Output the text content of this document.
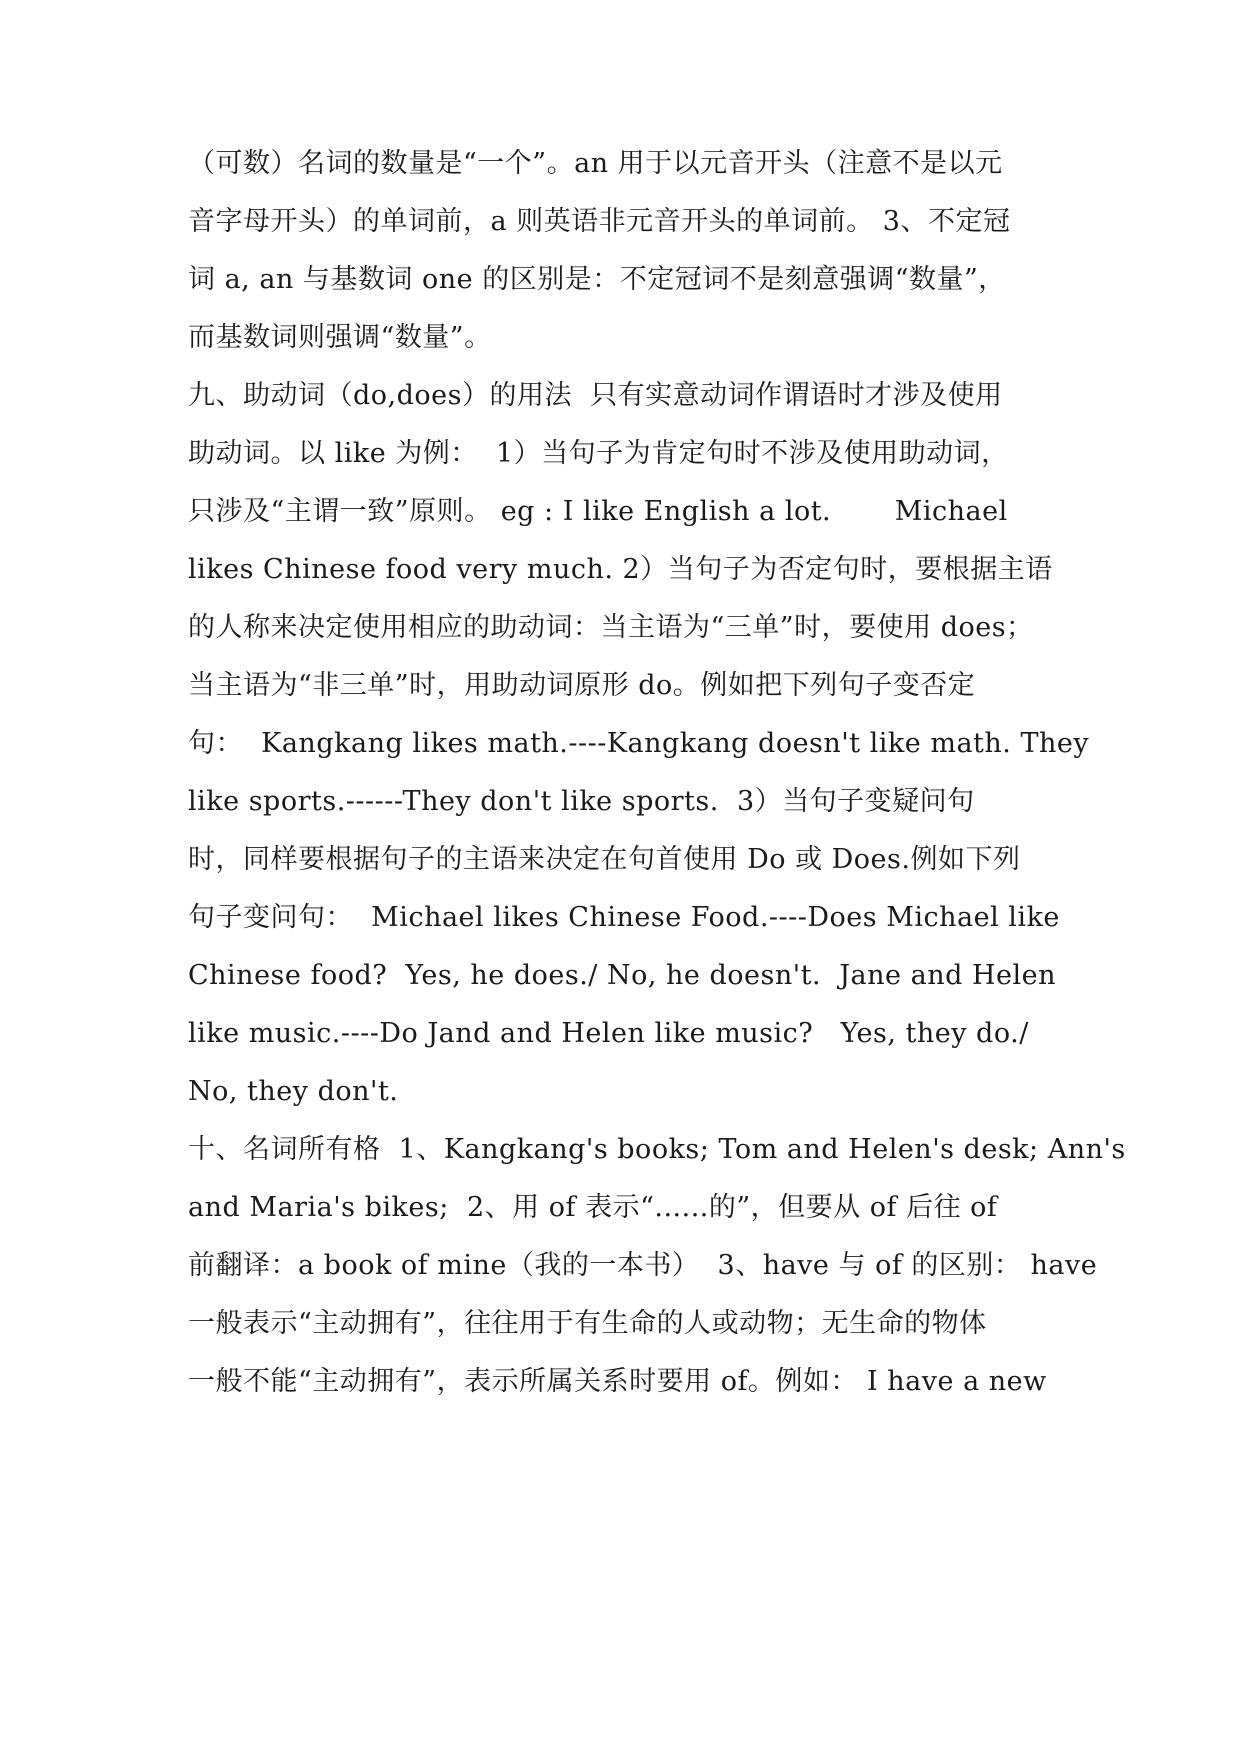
（可数）名词的数量是“一个”。an 用于以元音开头（注意不是以元
音字母开头）的单词前，a 则英语非元音开头的单词前。 3、不定冠
词 a, an 与基数词 one 的区别是：不定冠词不是刻意强调“数量”，
而基数词则强调“数量”。
九、助动词（do,does）的用法  只有实意动词作谓语时才涉及使用
助动词。以 like 为例：  1）当句子为肯定句时不涉及使用助动词，
只涉及“主谓一致”原则。 eg : I like English a lot.       Michael
likes Chinese food very much. 2）当句子为否定句时，要根据主语
的人称来决定使用相应的助动词：当主语为“三单”时，要使用 does；
当主语为“非三单”时，用助动词原形 do。例如把下列句子变否定
句：  Kangkang likes math.----Kangkang doesn't like math. They
like sports.------They don't like sports.  3）当句子变疑问句
时，同样要根据句子的主语来决定在句首使用 Do 或 Does.例如下列
句子变问句：  Michael likes Chinese Food.----Does Michael like
Chinese food?  Yes, he does./ No, he doesn't.  Jane and Helen
like music.----Do Jand and Helen like music?   Yes, they do./
No, they don't.
十、名词所有格  1、Kangkang's books; Tom and Helen's desk; Ann's
and Maria's bikes;  2、用 of 表示“......的”，但要从 of 后往 of
前翻译：a book of mine（我的一本书）  3、have 与 of 的区别： have
一般表示“主动拥有”，往往用于有生命的人或动物；无生命的物体
一般不能“主动拥有”，表示所属关系时要用 of。例如： I have a new
